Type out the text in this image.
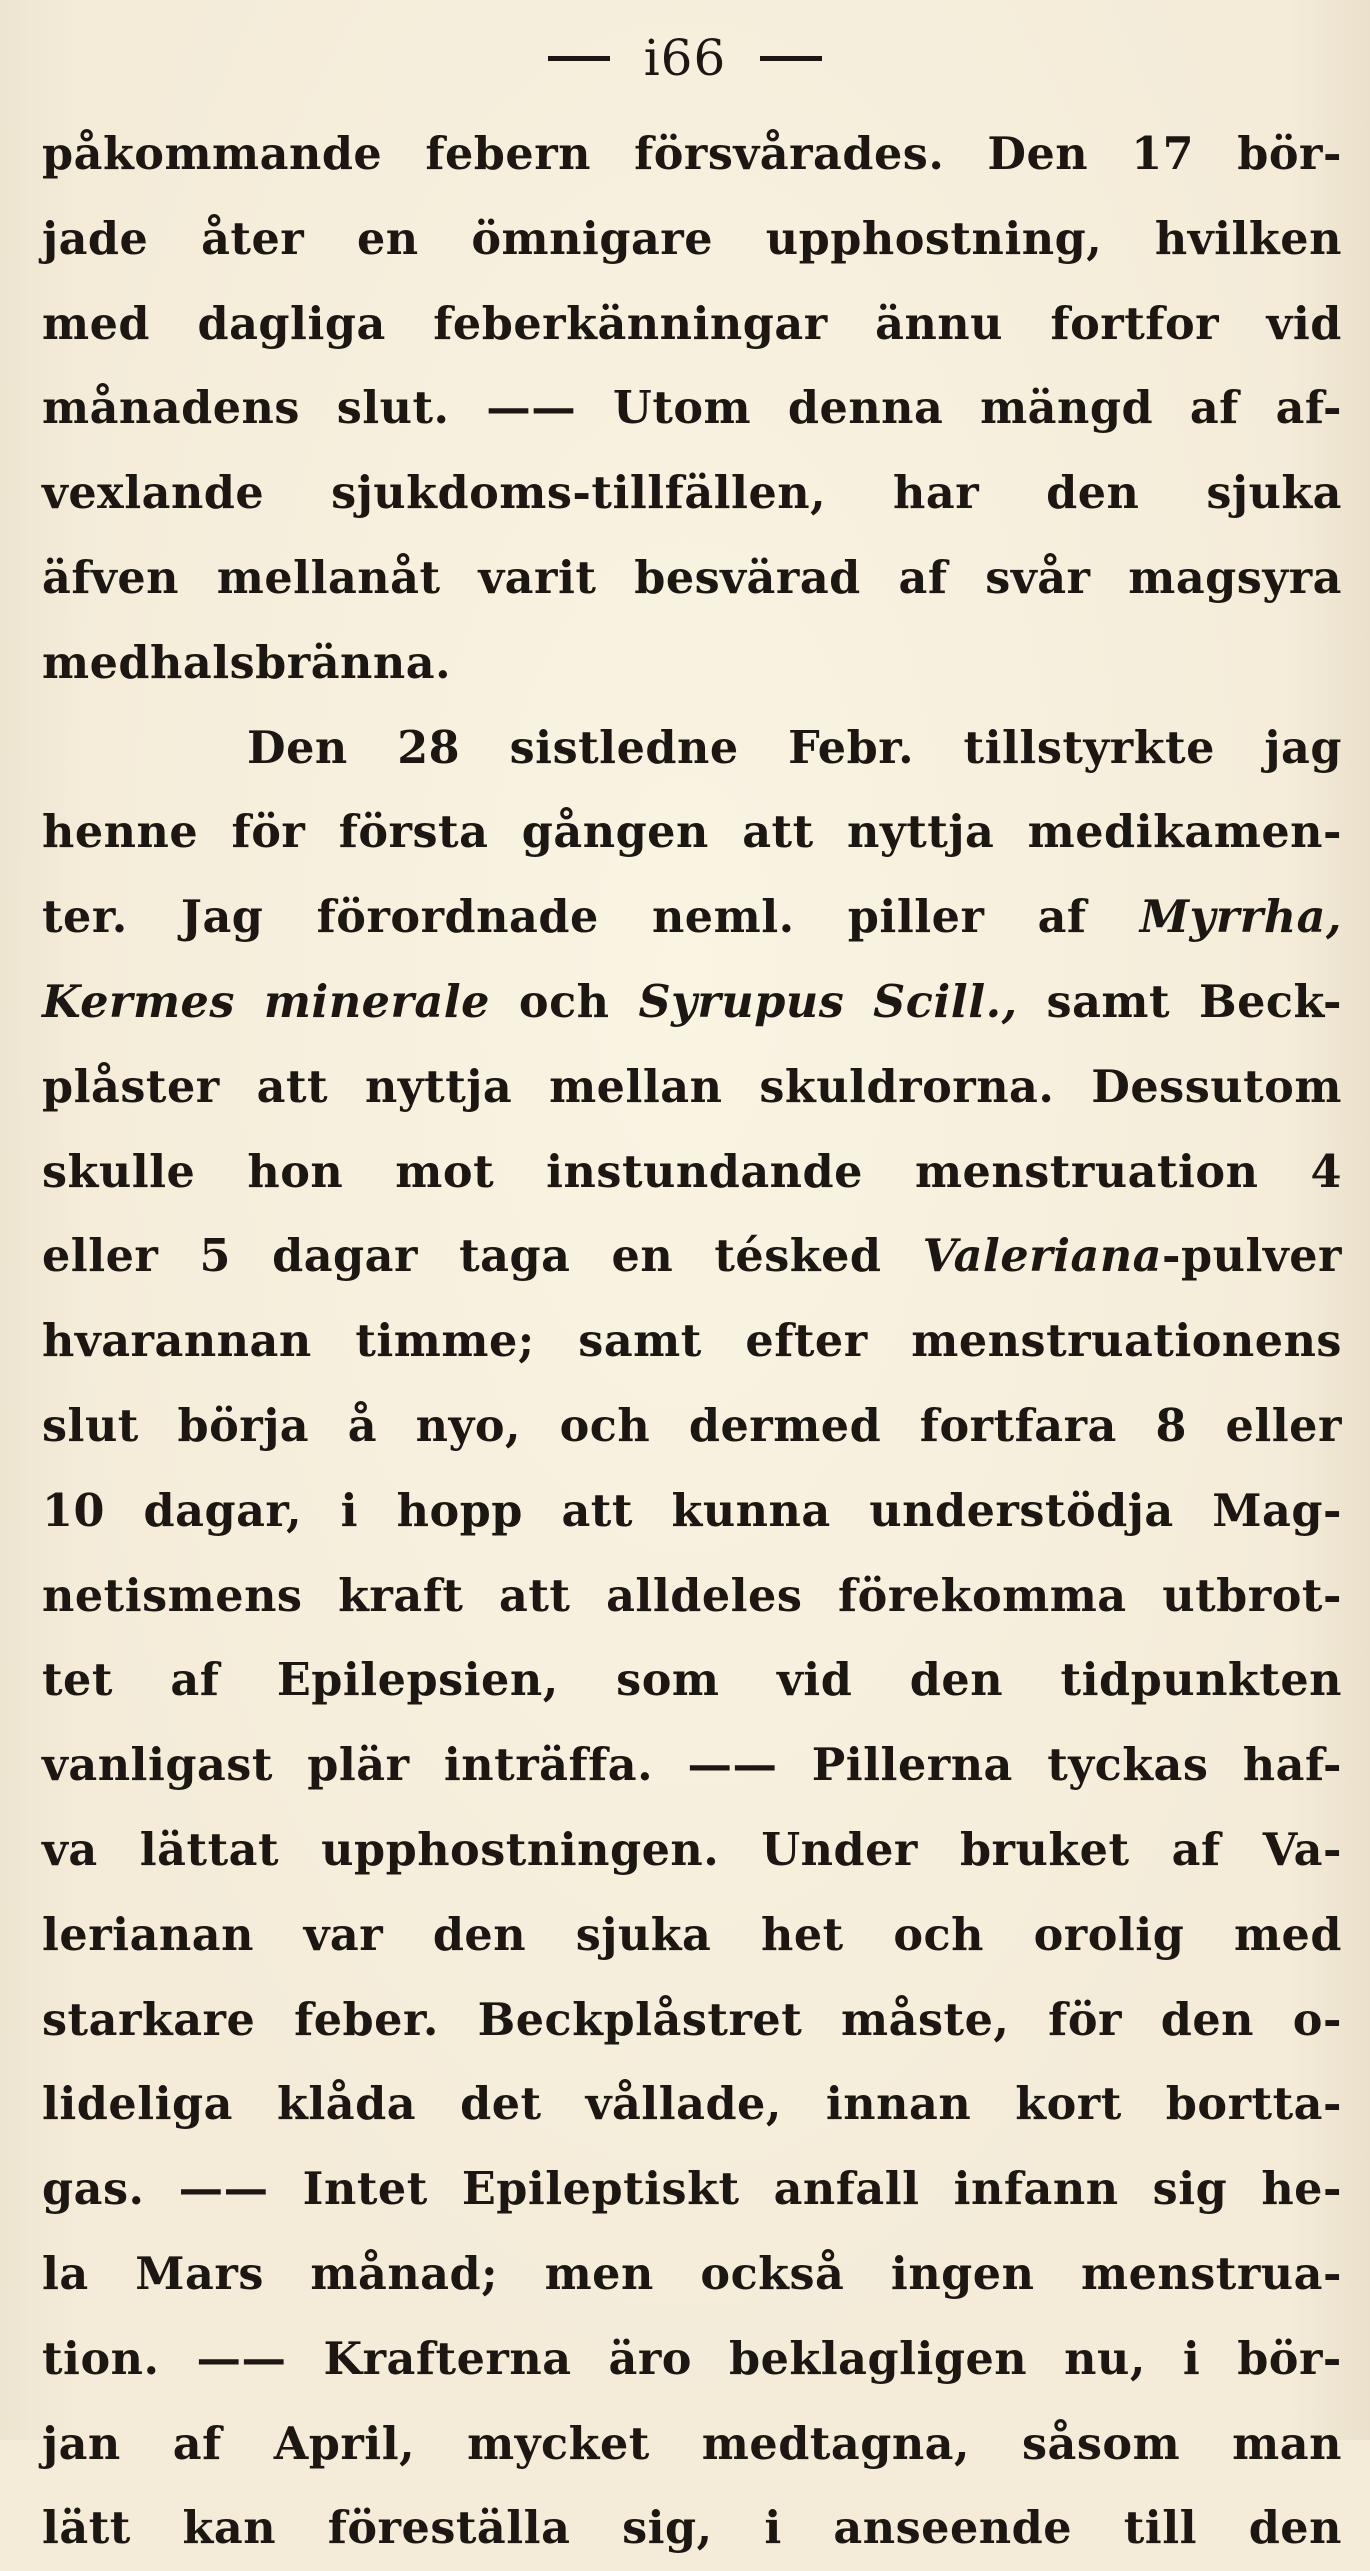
i66
påkommande febern försvårades. Den 17 bör-
jade åter en ömnigare upphostning, hvilken
med dagliga feberkänningar ännu fortfor vid
månadens slut. —— Utom denna mängd af af-
vexlande sjukdoms-tillfällen, har den sjuka
äfven mellanåt varit besvärad af svår magsyra
med halsbränna.
Den 28 sistledne Febr. tillstyrkte jag
henne för första gången att nyttja medikamen-
ter. Jag förordnade neml. piller af Myrrha,
Kermes minerale och Syrupus Scill., samt Beck-
plåster att nyttja mellan skuldrorna. Dessutom
skulle hon mot instundande menstruation 4
eller 5 dagar taga en tésked Valeriana-pulver
hvarannan timme; samt efter menstruationens
slut börja å nyo, och dermed fortfara 8 eller
10 dagar, i hopp att kunna understödja Mag-
netismens kraft att alldeles förekomma utbrot-
tet af Epilepsien, som vid den tidpunkten
vanligast plär inträffa. —— Pillerna tyckas haf-
va lättat upphostningen. Under bruket af Va-
lerianan var den sjuka het och orolig med
starkare feber. Beckplåstret måste, för den o-
lideliga klåda det vållade, innan kort bortta-
gas. —— Intet Epileptiskt anfall infann sig he-
la Mars månad; men också ingen menstrua-
tion. —— Krafterna äro beklagligen nu, i bör-
jan af April, mycket medtagna, såsom man
lätt kan föreställa sig, i anseende till den
